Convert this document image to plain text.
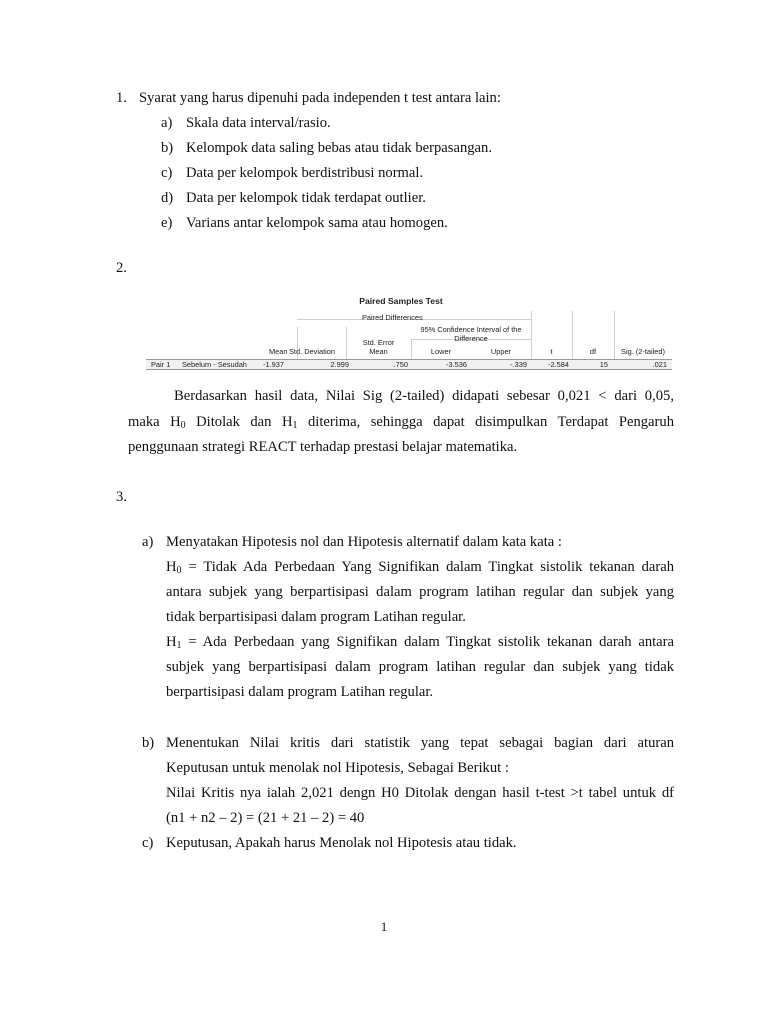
1. Syarat yang harus dipenuhi pada independen t test antara lain:
a) Skala data interval/rasio.
b) Kelompok data saling bebas atau tidak berpasangan.
c) Data per kelompok berdistribusi normal.
d) Data per kelompok tidak terdapat outlier.
e) Varians antar kelompok sama atau homogen.
2.
Paired Samples Test
Paired Differences
95% Confidence Interval of the
Difference
Mean Std. Deviation
Std. Error
Mean	Lower	Upper	t	df	Sig. (2-tailed)
Pair 1 Sebelum - Sesudah	-1.937	2.999	.750	-3.536	-.339	-2.584	15	.021
Berdasarkan hasil data, Nilai Sig (2-tailed) didapati sebesar 0,021 < dari 0,05,
maka $H_0$ Ditolak dan $H_1$ diterima, sehingga dapat disimpulkan Terdapat Pengaruh
penggunaan strategi REACT terhadap prestasi belajar matematika.
3.
a) Menyatakan Hipotesis nol dan Hipotesis alternatif dalam kata kata :
$H_0$ = Tidak Ada Perbedaan Yang Signifikan dalam Tingkat sistolik tekanan darah
antara subjek yang berpartisipasi dalam program latihan regular dan subjek yang
tidak berpartisipasi dalam program Latihan regular.
$H_1$ = Ada Perbedaan yang Signifikan dalam Tingkat sistolik tekanan darah antara
subjek yang berpartisipasi dalam program latihan regular dan subjek yang tidak
berpartisipasi dalam program Latihan regular.
b) Menentukan Nilai kritis dari statistik yang tepat sebagai bagian dari aturan
Keputusan untuk menolak nol Hipotesis, Sebagai Berikut :
Nilai Kritis nya ialah 2,021 dengn H0 Ditolak dengan hasil t-test >t tabel untuk df
(n1 + n2 – 2) = (21 + 21 – 2) = 40
c) Keputusan, Apakah harus Menolak nol Hipotesis atau tidak.
1
